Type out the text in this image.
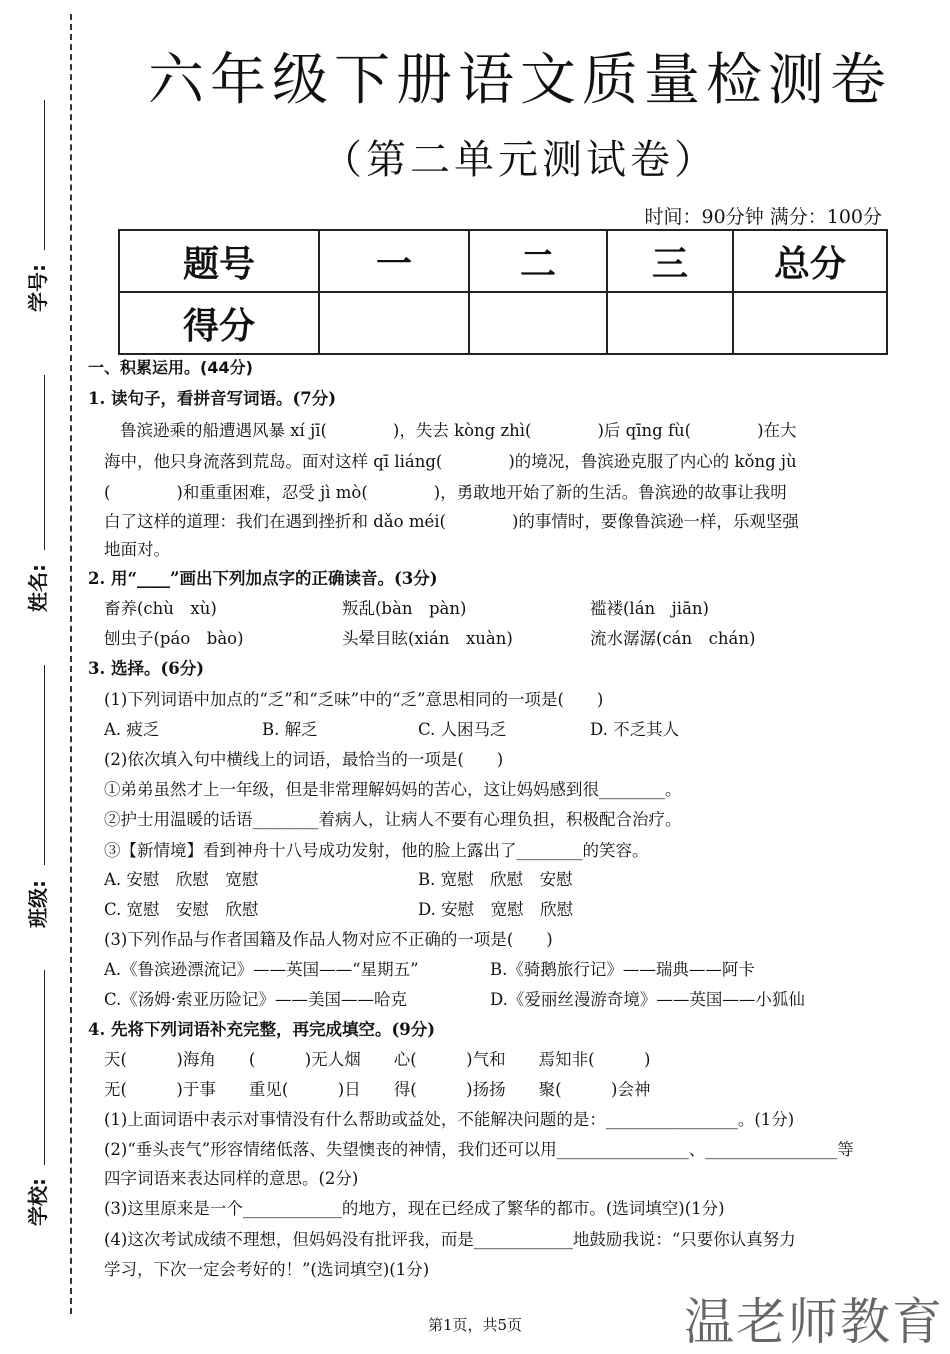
学号:
姓名:
班级:
学校:
六年级下册语文质量检测卷
（第二单元测试卷）
时间：90分钟 满分：100分
题号	一	二	三	总分
得分				
一、积累运用。(44分)
1. 读句子，看拼音写词语。(7分)
鲁滨逊乘的船遭遇风暴 xí jī(　　　　)，失去 kòng zhì(　　　　)后 qīng fù(　　　　)在大
海中，他只身流落到荒岛。面对这样 qī liáng(　　　　)的境况，鲁滨逊克服了内心的 kǒng jù
(　　　　)和重重困难，忍受 jì mò(　　　　)，勇敢地开始了新的生活。鲁滨逊的故事让我明
白了这样的道理：我们在遇到挫折和 dǎo méi(　　　　)的事情时，要像鲁滨逊一样，乐观坚强
地面对。
2. 用“____”画出下列加点字的正确读音。(3分)
畜养(chù　xù)	叛乱(bàn　pàn)	褴褛(lán　jiān)
刨虫子(páo　bào)	头晕目眩(xián　xuàn)	流水潺潺(cán　chán)
3. 选择。(6分)
(1)下列词语中加点的“乏”和“乏味”中的“乏”意思相同的一项是(　　)
A. 疲乏	B. 解乏	C. 人困马乏	D. 不乏其人
(2)依次填入句中横线上的词语，最恰当的一项是(　　)
①弟弟虽然才上一年级，但是非常理解妈妈的苦心，这让妈妈感到很________。
②护士用温暖的话语________着病人，让病人不要有心理负担，积极配合治疗。
③【新情境】看到神舟十八号成功发射，他的脸上露出了________的笑容。
A. 安慰　欣慰　宽慰	B. 宽慰　欣慰　安慰
C. 宽慰　安慰　欣慰	D. 安慰　宽慰　欣慰
(3)下列作品与作者国籍及作品人物对应不正确的一项是(　　)
A.《鲁滨逊漂流记》——英国——“星期五”	B.《骑鹅旅行记》——瑞典——阿卡
C.《汤姆·索亚历险记》——美国——哈克	D.《爱丽丝漫游奇境》——英国——小狐仙
4. 先将下列词语补充完整，再完成填空。(9分)
天(　　　)海角　　(　　　)无人烟　　心(　　　)气和　　焉知非(　　　)
无(　　　)于事　　重见(　　　)日　　得(　　　)扬扬　　聚(　　　)会神
(1)上面词语中表示对事情没有什么帮助或益处，不能解决问题的是：________________。(1分)
(2)“垂头丧气”形容情绪低落、失望懊丧的神情，我们还可以用________________、________________等
四字词语来表达同样的意思。(2分)
(3)这里原来是一个____________的地方，现在已经成了繁华的都市。(选词填空)(1分)
(4)这次考试成绩不理想，但妈妈没有批评我，而是____________地鼓励我说：“只要你认真努力
学习，下次一定会考好的！”(选词填空)(1分)
第1页，共5页	温老师教育
